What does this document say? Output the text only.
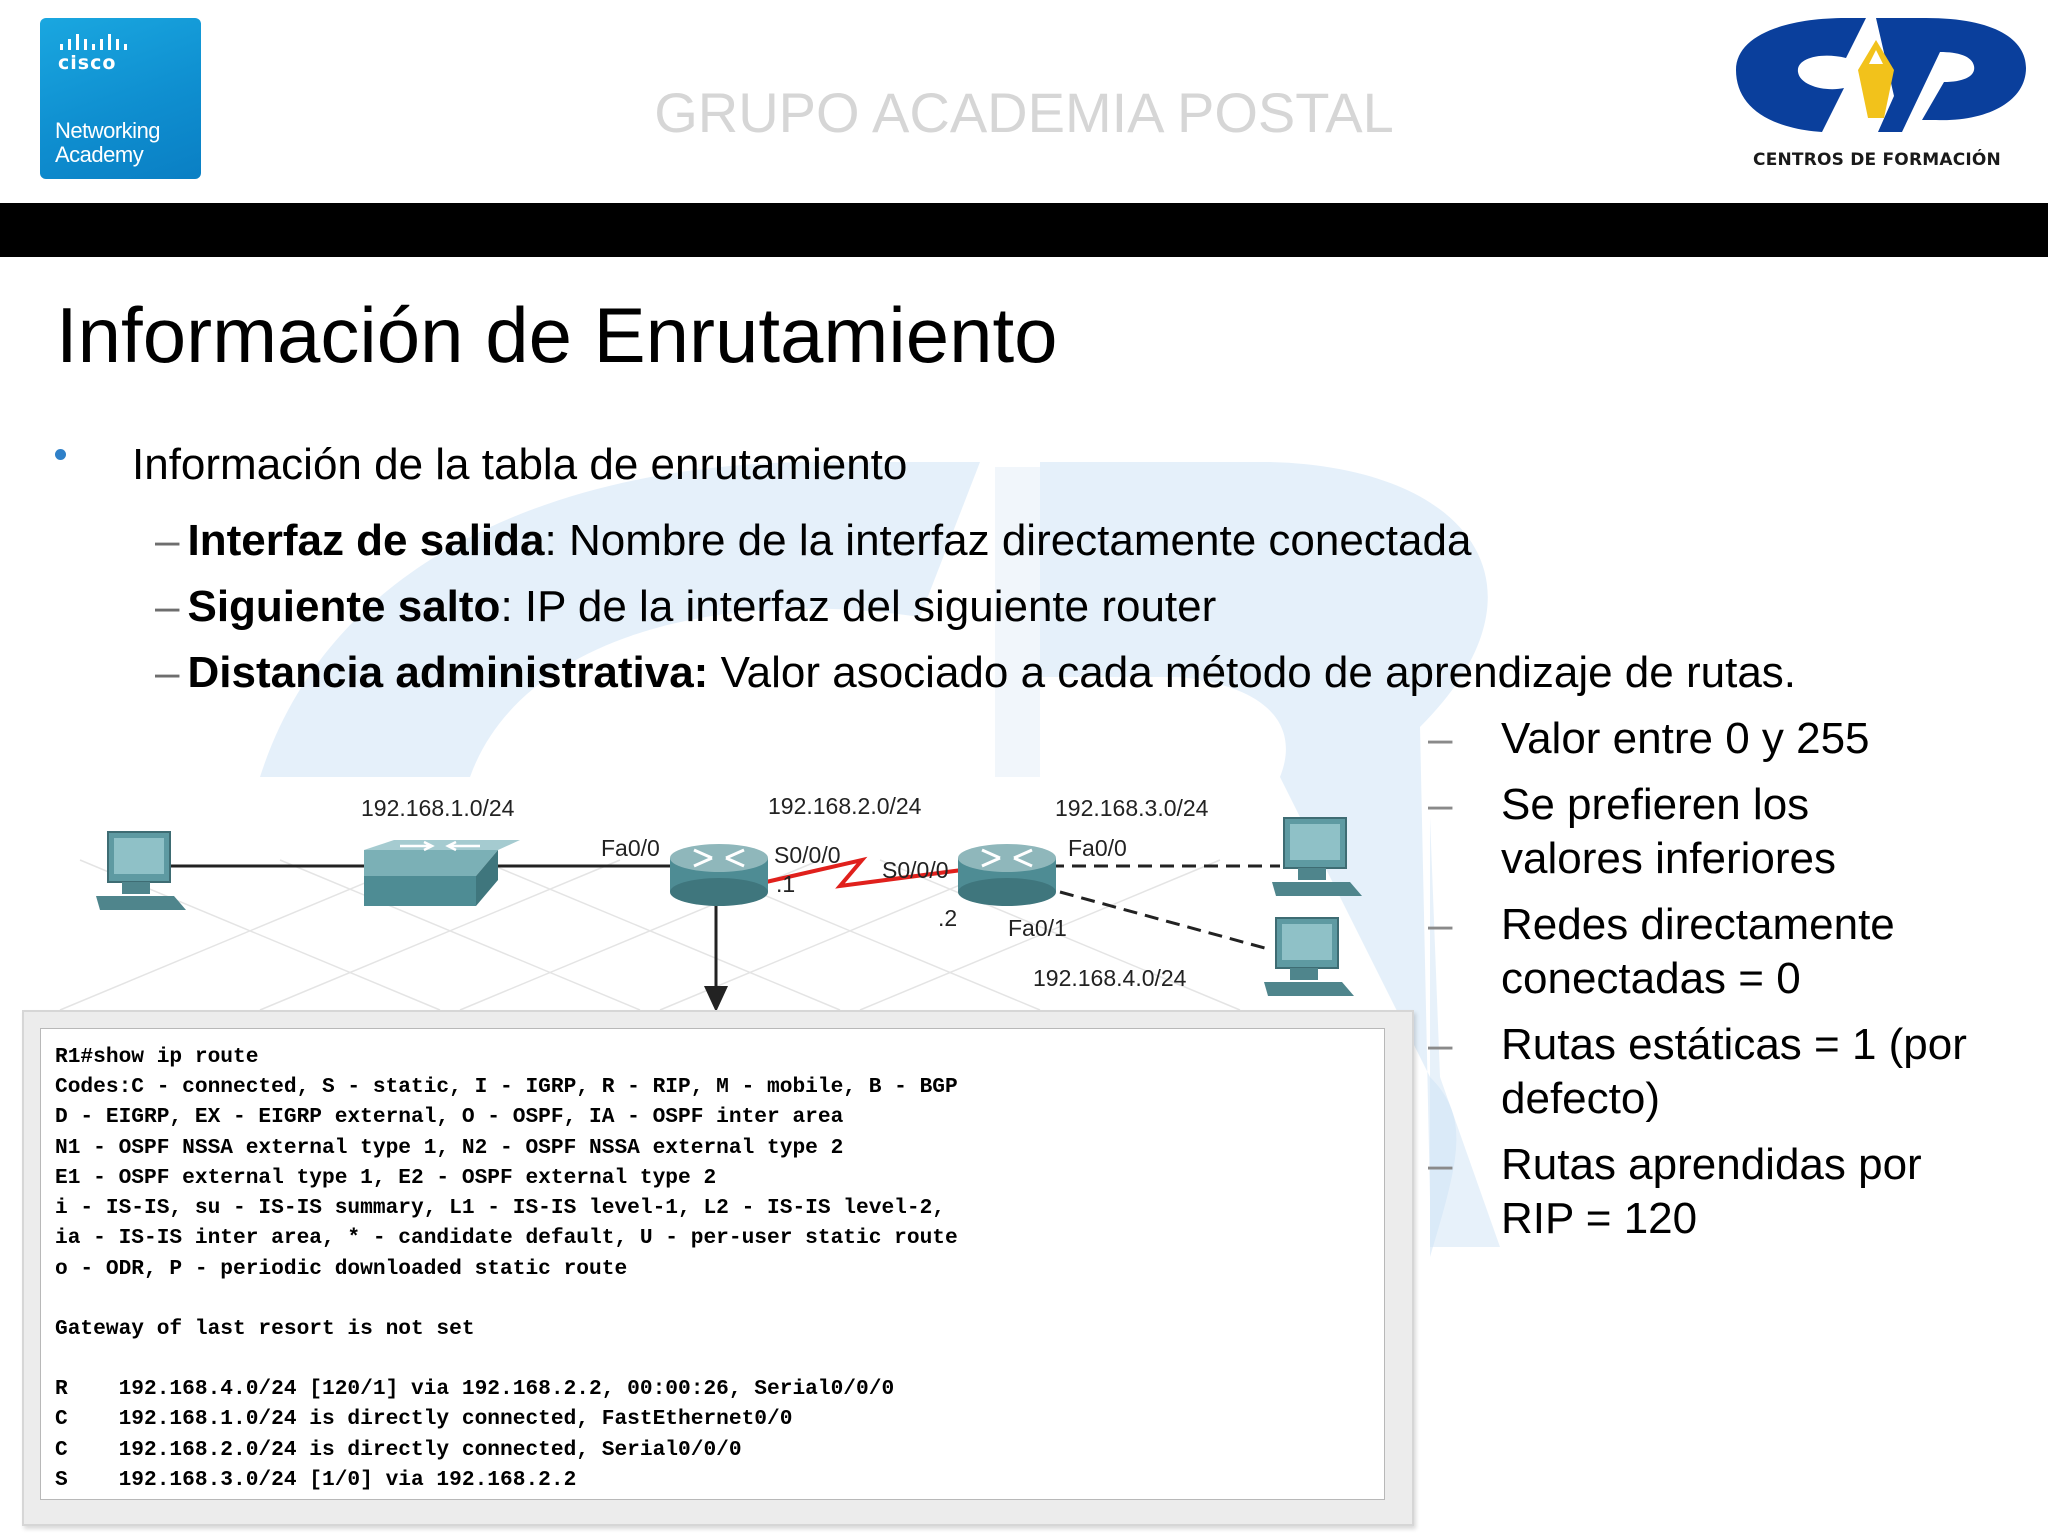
cisco
Networking
Academy
GRUPO ACADEMIA POSTAL
CENTROS DE FORMACIÓN
Información de Enrutamiento
Información de la tabla de enrutamiento
– Interfaz de salida: Nombre de la interfaz directamente conectada
– Siguiente salto: IP de la interfaz del siguiente router
– Distancia administrativa: Valor asociado a cada método de aprendizaje de rutas.
– Valor entre 0 y 255
– Se prefieren los
valores inferiores
– Redes directamente
conectadas = 0
– Rutas estáticas = 1 (por
defecto)
– Rutas aprendidas por
RIP = 120
192.168.1.0/24	192.168.2.0/24	192.168.3.0/24
192.168.4.0/24
Fa0/0	S0/0/0
.1
S0/0/0
.2
Fa0/0
Fa0/1
R1#show ip route
Codes:C - connected, S - static, I - IGRP, R - RIP, M - mobile, B - BGP
D - EIGRP, EX - EIGRP external, O - OSPF, IA - OSPF inter area
N1 - OSPF NSSA external type 1, N2 - OSPF NSSA external type 2
E1 - OSPF external type 1, E2 - OSPF external type 2
i - IS-IS, su - IS-IS summary, L1 - IS-IS level-1, L2 - IS-IS level-2,
ia - IS-IS inter area, * - candidate default, U - per-user static route
o - ODR, P - periodic downloaded static route
Gateway of last resort is not set
R    192.168.4.0/24 [120/1] via 192.168.2.2, 00:00:26, Serial0/0/0
C    192.168.1.0/24 is directly connected, FastEthernet0/0
C    192.168.2.0/24 is directly connected, Serial0/0/0
S    192.168.3.0/24 [1/0] via 192.168.2.2
